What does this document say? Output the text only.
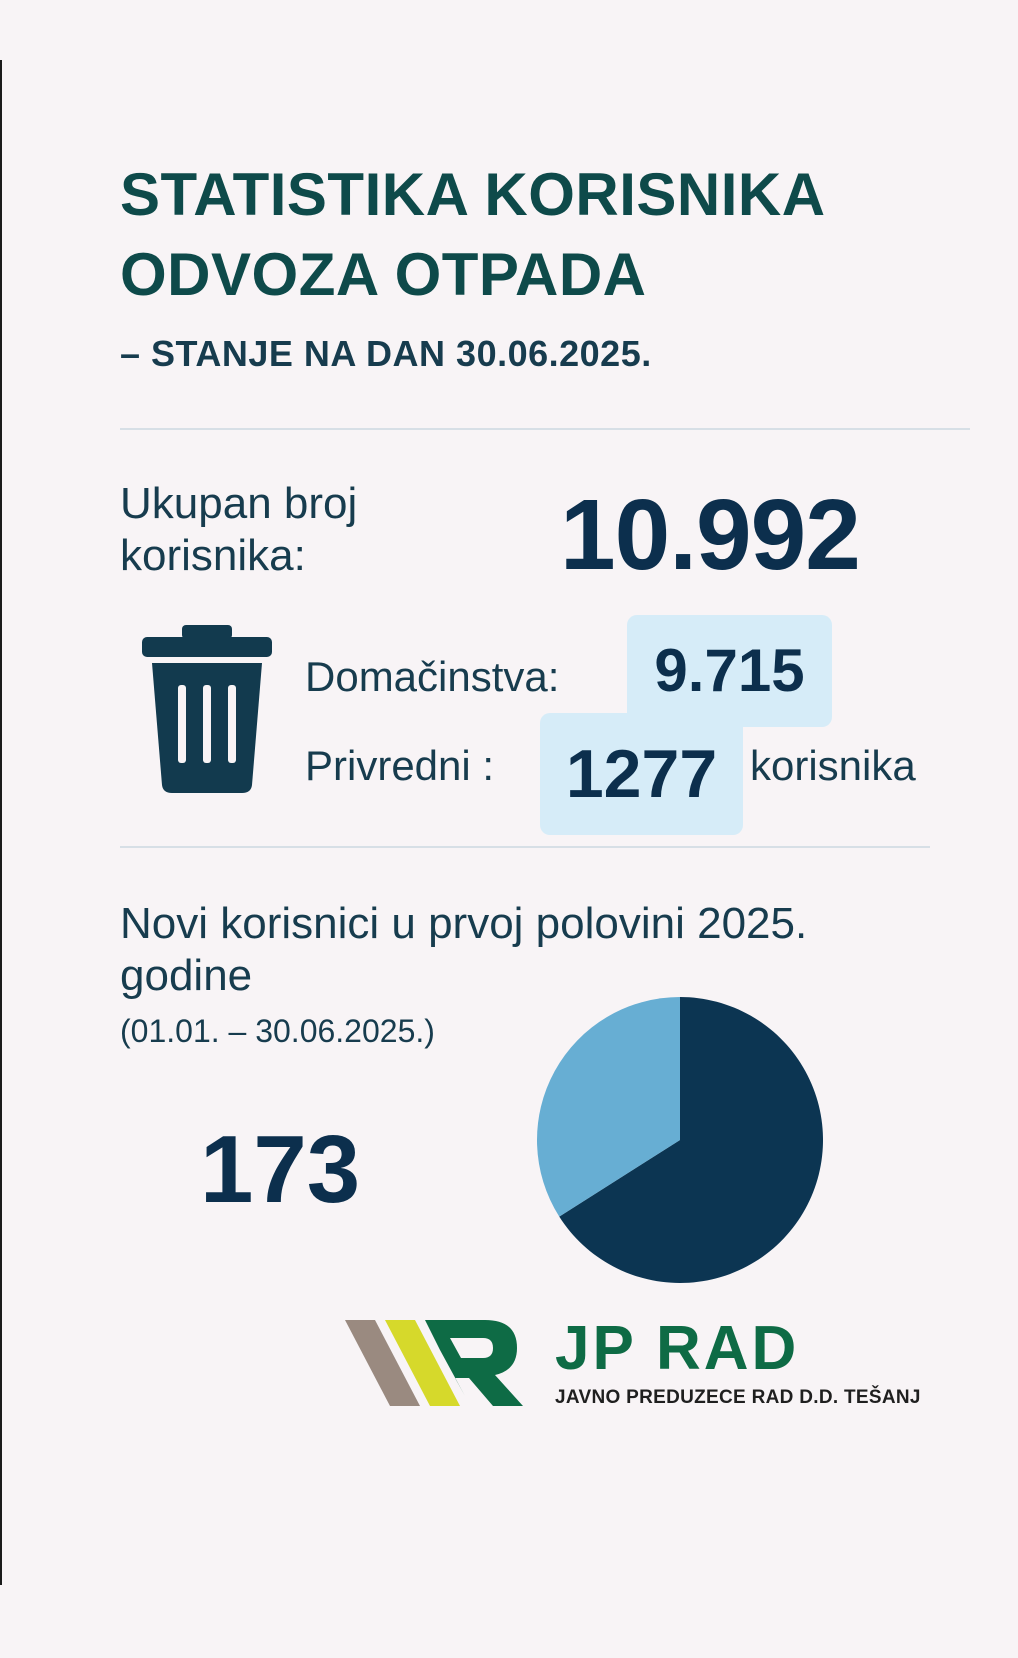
STATISTIKA KORISNIKA
ODVOZA OTPADA
– STANJE NA DAN 30.06.2025.
Ukupan broj korisnika:	10.992
Domačinstva:	9.715
Privredni :	1277 korisnika
Novi korisnici u prvoj polovini 2025. godine
(01.01. – 30.06.2025.)
173
JP RAD
JAVNO PREDUZECE RAD D.D. TEŠANJ
